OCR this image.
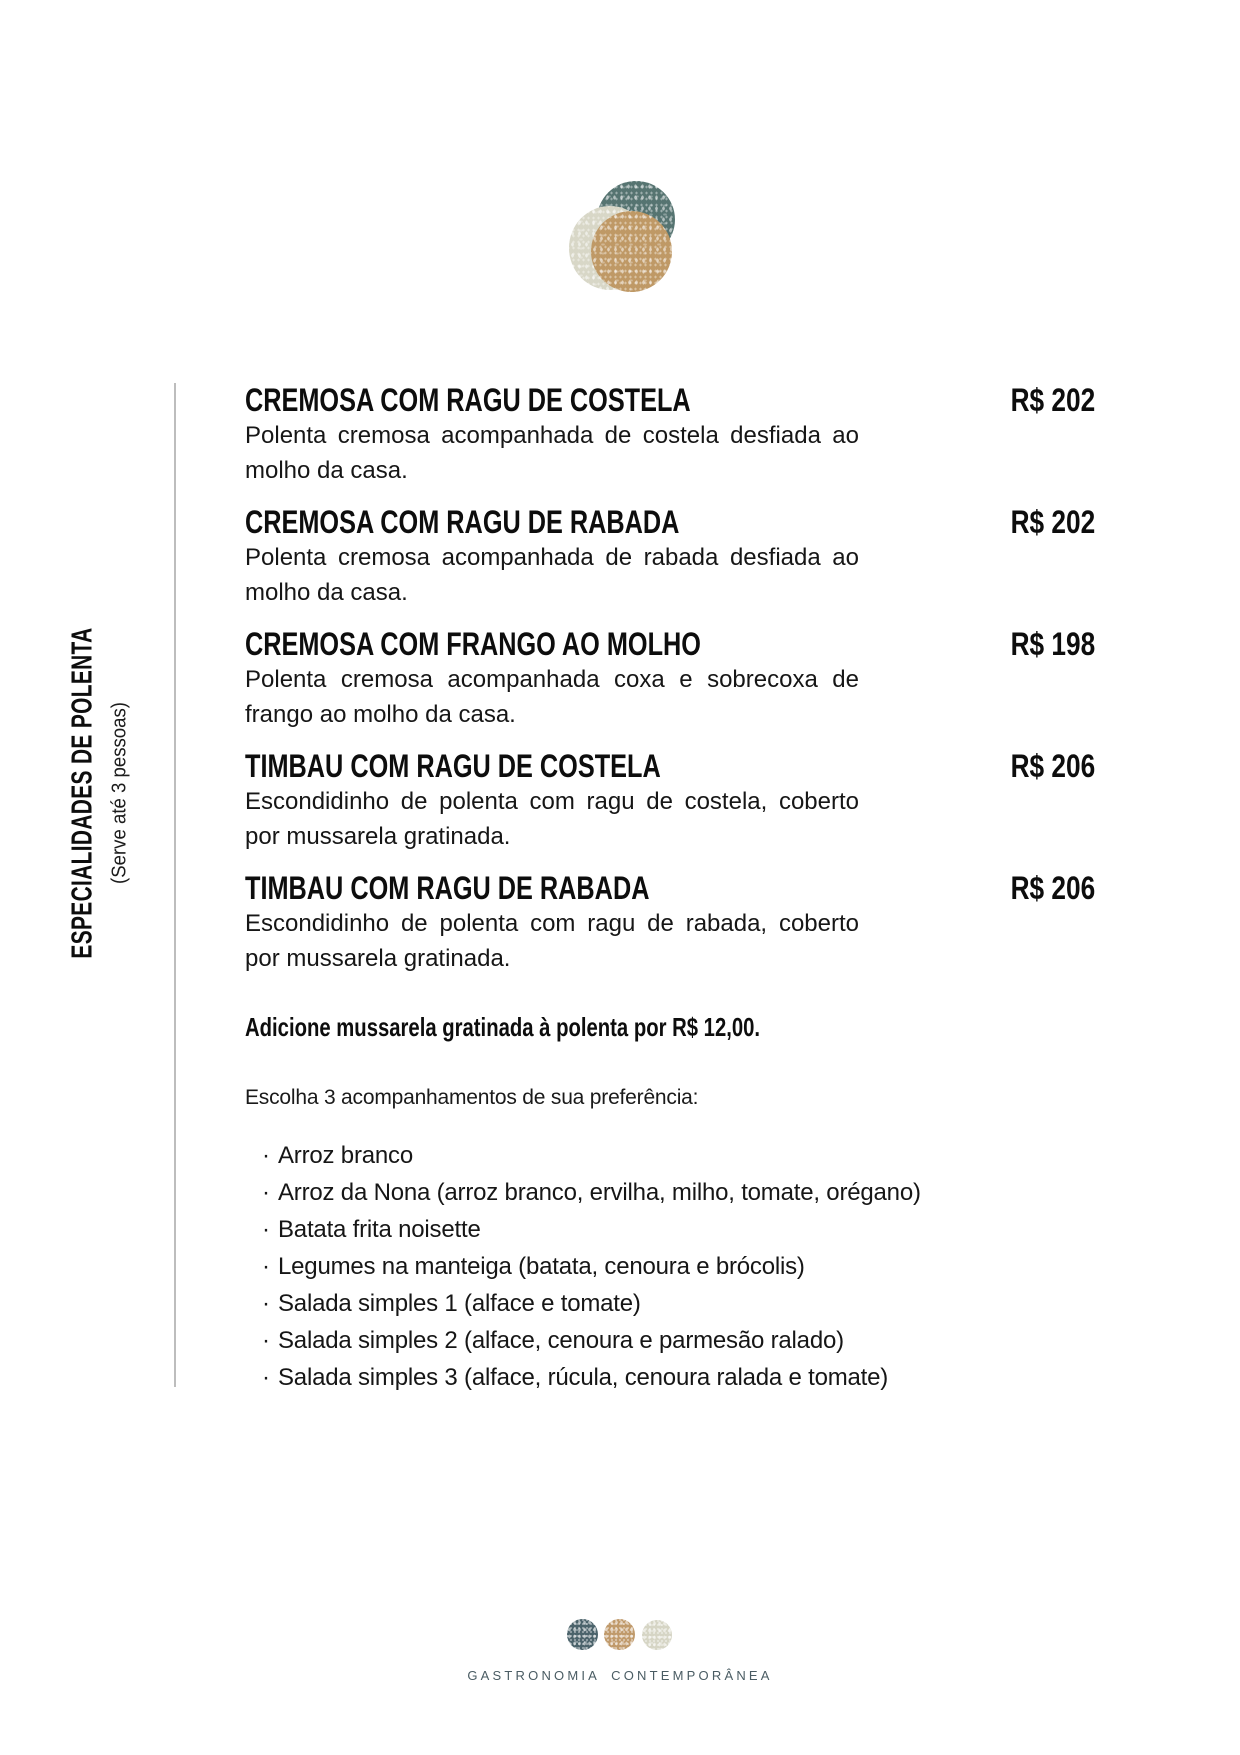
ESPECIALIDADES DE POLENTA (Serve até 3 pessoas)
CREMOSA COM RAGU DE COSTELA	R$ 202

Polenta cremosa acompanhada de costela desfiada ao molho da casa.

CREMOSA COM RAGU DE RABADA	R$ 202

Polenta cremosa acompanhada de rabada desfiada ao molho da casa.

CREMOSA COM FRANGO AO MOLHO	R$ 198

Polenta cremosa acompanhada coxa e sobrecoxa de frango ao molho da casa.

TIMBAU COM RAGU DE COSTELA	R$ 206

Escondidinho de polenta com ragu de costela, coberto por mussarela gratinada.

TIMBAU COM RAGU DE RABADA	R$ 206

Escondidinho de polenta com ragu de rabada, coberto por mussarela gratinada.

Adicione mussarela gratinada à polenta por R$ 12,00.
Escolha 3 acompanhamentos de sua preferência:
· Arroz branco
· Arroz da Nona (arroz branco, ervilha, milho, tomate, orégano)
· Batata frita noisette
· Legumes na manteiga (batata, cenoura e brócolis)
· Salada simples 1 (alface e tomate)
· Salada simples 2 (alface, cenoura e parmesão ralado)
· Salada simples 3 (alface, rúcula, cenoura ralada e tomate)
GASTRONOMIA CONTEMPORÂNEA
